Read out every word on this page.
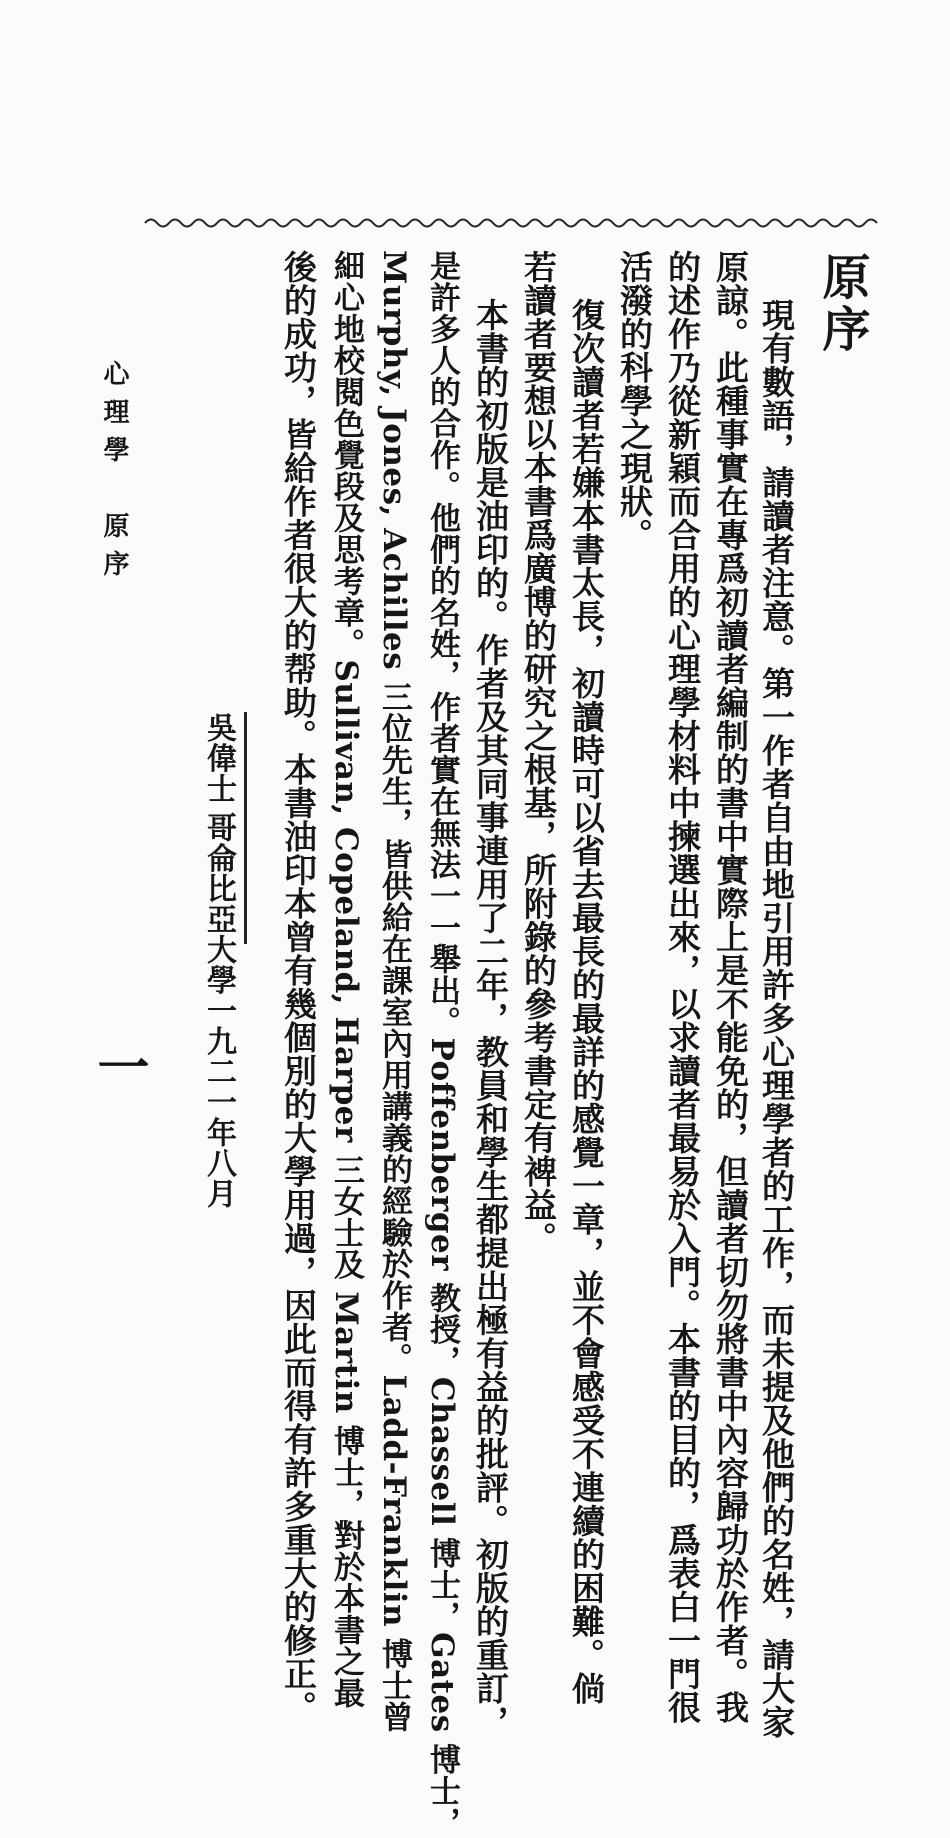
原序
現有數語，請讀者注意。第一作者自由地引用許多心理學者的工作，而未提及他們的名姓，請大家
原諒。此種事實在專爲初讀者編制的書中實際上是不能免的，但讀者切勿將書中內容歸功於作者。我
的述作乃從新穎而合用的心理學材料中揀選出來，以求讀者最易於入門。本書的目的，爲表白一門很
活潑的科學之現狀。
復次讀者若嫌本書太長，初讀時可以省去最長的最詳的感覺一章，並不會感受不連續的困難。倘
若讀者要想以本書爲廣博的研究之根基，所附錄的參考書定有裨益。
本書的初版是油印的。作者及其同事連用了二年，教員和學生都提出極有益的批評。初版的重訂，
是許多人的合作。他們的名姓，作者實在無法一一舉出。Poffenberger 教授，Chassell 博士，Gates 博士，
Murphy, Jones, Achilles 三位先生，皆供給在課室內用講義的經驗於作者。Ladd-Franklin 博士曾
細心地校閱色覺段及思考章。Sullivan, Copeland, Harper 三女士及 Martin 博士，對於本書之最
後的成功，皆給作者很大的帮助。本書油印本曾有幾個別的大學用過，因此而得有許多重大的修正。
吳偉士
哥侖比亞大學一九二一年八月
心理學　原序
一
